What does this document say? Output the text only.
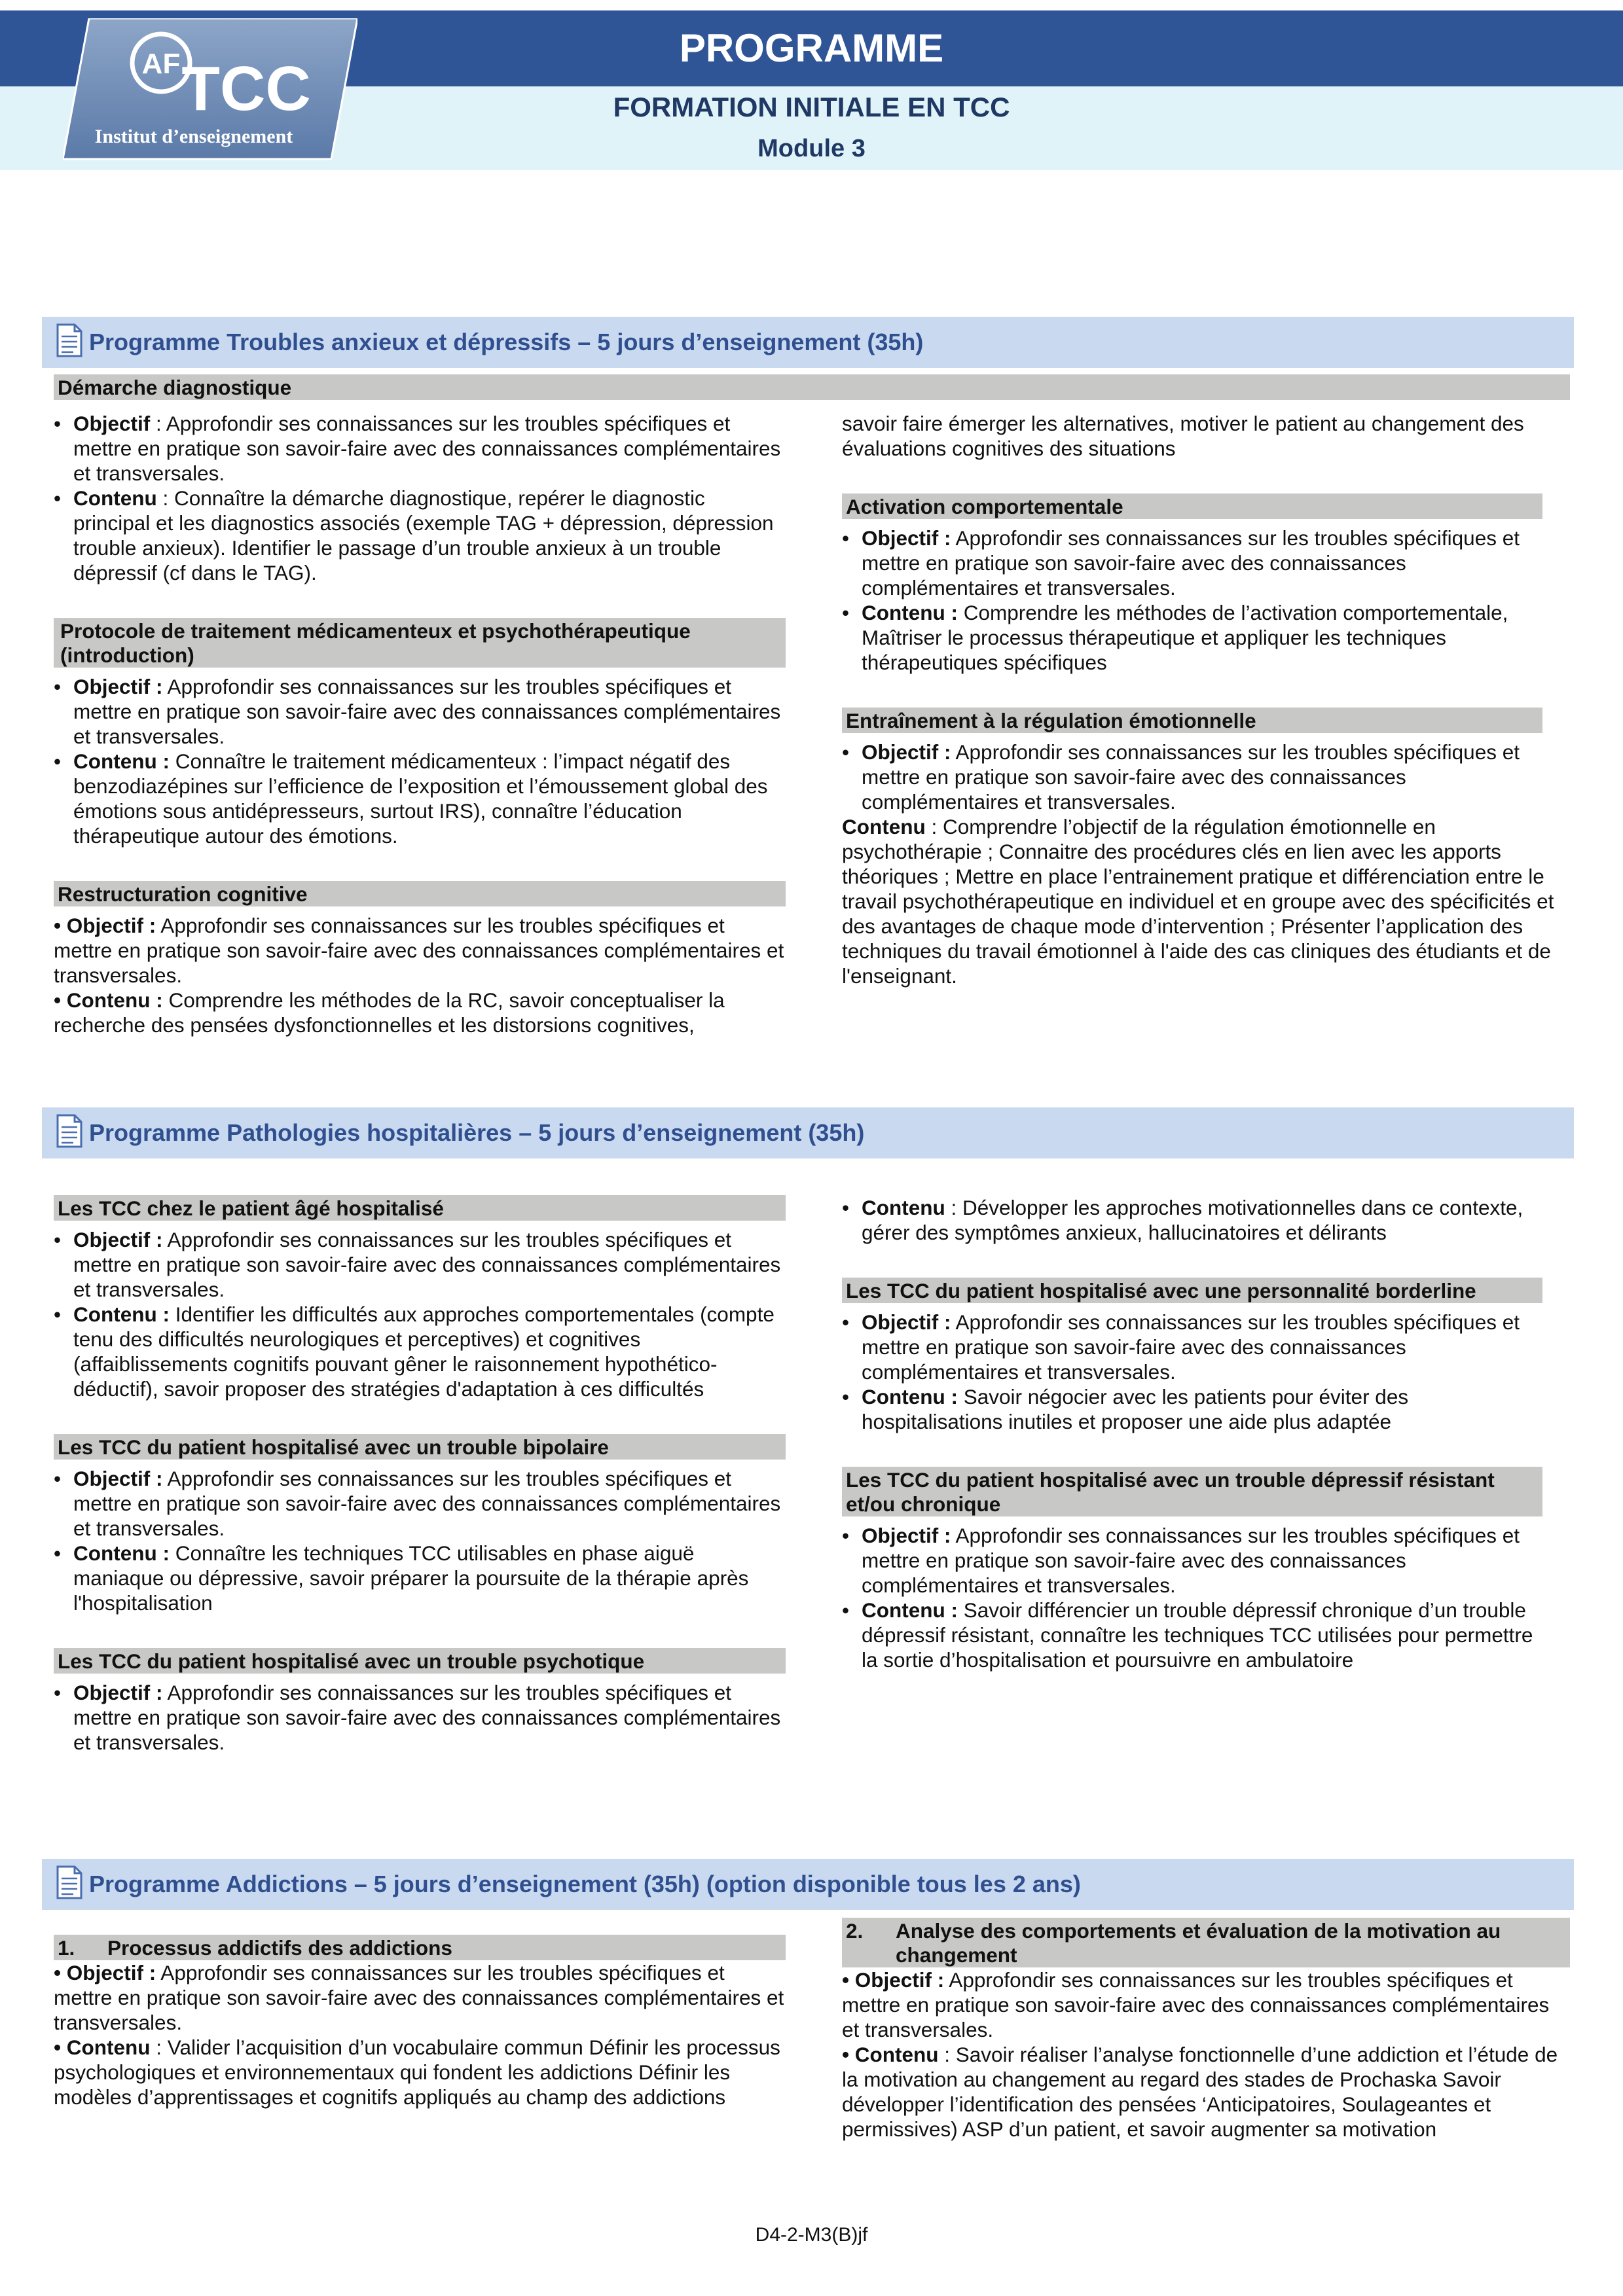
AF TCC
Institut d’enseignement
PROGRAMME
FORMATION INITIALE EN TCC
Module 3
Programme Troubles anxieux et dépressifs – 5 jours d’enseignement (35h)
Démarche diagnostique
• Objectif : Approfondir ses connaissances sur les troubles spécifiques et mettre en pratique son savoir-faire avec des connaissances complémentaires et transversales.
• Contenu : Connaître la démarche diagnostique, repérer le diagnostic principal et les diagnostics associés (exemple TAG + dépression, dépression trouble anxieux). Identifier le passage d’un trouble anxieux à un trouble dépressif (cf dans le TAG).
Protocole de traitement médicamenteux et psychothérapeutique (introduction)
• Objectif : Approfondir ses connaissances sur les troubles spécifiques et mettre en pratique son savoir-faire avec des connaissances complémentaires et transversales.
• Contenu : Connaître le traitement médicamenteux : l’impact négatif des benzodiazépines sur l’efficience de l’exposition et l’émoussement global des émotions sous antidépresseurs, surtout IRS), connaître l’éducation thérapeutique autour des émotions.
Restructuration cognitive

• Objectif : Approfondir ses connaissances sur les troubles spécifiques et mettre en pratique son savoir-faire avec des connaissances complémentaires et transversales.

• Contenu : Comprendre les méthodes de la RC, savoir conceptualiser la recherche des pensées dysfonctionnelles et les distorsions cognitives,

savoir faire émerger les alternatives, motiver le patient au changement des évaluations cognitives des situations

Activation comportementale
• Objectif : Approfondir ses connaissances sur les troubles spécifiques et mettre en pratique son savoir-faire avec des connaissances complémentaires et transversales.
• Contenu : Comprendre les méthodes de l’activation comportementale, Maîtriser le processus thérapeutique et appliquer les techniques thérapeutiques spécifiques
Entraînement à la régulation émotionnelle
• Objectif : Approfondir ses connaissances sur les troubles spécifiques et mettre en pratique son savoir-faire avec des connaissances complémentaires et transversales.

Contenu : Comprendre l’objectif de la régulation émotionnelle en psychothérapie ; Connaitre des procédures clés en lien avec les apports théoriques ; Mettre en place l’entrainement pratique et différenciation entre le travail psychothérapeutique en individuel et en groupe avec des spécificités et des avantages de chaque mode d’intervention ; Présenter l’application des techniques du travail émotionnel à l'aide des cas cliniques des étudiants et de l'enseignant.

Programme Pathologies hospitalières – 5 jours d’enseignement (35h)
Les TCC chez le patient âgé hospitalisé
• Objectif : Approfondir ses connaissances sur les troubles spécifiques et mettre en pratique son savoir-faire avec des connaissances complémentaires et transversales.
• Contenu : Identifier les difficultés aux approches comportementales (compte tenu des difficultés neurologiques et perceptives) et cognitives (affaiblissements cognitifs pouvant gêner le raisonnement hypothético-déductif), savoir proposer des stratégies d'adaptation à ces difficultés
Les TCC du patient hospitalisé avec un trouble bipolaire
• Objectif : Approfondir ses connaissances sur les troubles spécifiques et mettre en pratique son savoir-faire avec des connaissances complémentaires et transversales.
• Contenu : Connaître les techniques TCC utilisables en phase aiguë maniaque ou dépressive, savoir préparer la poursuite de la thérapie après l'hospitalisation
Les TCC du patient hospitalisé avec un trouble psychotique
• Objectif : Approfondir ses connaissances sur les troubles spécifiques et mettre en pratique son savoir-faire avec des connaissances complémentaires et transversales.
• Contenu : Développer les approches motivationnelles dans ce contexte, gérer des symptômes anxieux, hallucinatoires et délirants
Les TCC du patient hospitalisé avec une personnalité borderline
• Objectif : Approfondir ses connaissances sur les troubles spécifiques et mettre en pratique son savoir-faire avec des connaissances complémentaires et transversales.
• Contenu : Savoir négocier avec les patients pour éviter des hospitalisations inutiles et proposer une aide plus adaptée
Les TCC du patient hospitalisé avec un trouble dépressif résistant et/ou chronique
• Objectif : Approfondir ses connaissances sur les troubles spécifiques et mettre en pratique son savoir-faire avec des connaissances complémentaires et transversales.
• Contenu : Savoir différencier un trouble dépressif chronique d’un trouble dépressif résistant, connaître les techniques TCC utilisées pour permettre la sortie d’hospitalisation et poursuivre en ambulatoire
Programme Addictions – 5 jours d’enseignement (35h) (option disponible tous les 2 ans)
1.	Processus addictifs des addictions

• Objectif : Approfondir ses connaissances sur les troubles spécifiques et mettre en pratique son savoir-faire avec des connaissances complémentaires et transversales.

• Contenu : Valider l’acquisition d’un vocabulaire commun Définir les processus psychologiques et environnementaux qui fondent les addictions Définir les modèles d’apprentissages et cognitifs appliqués au champ des addictions

2.	Analyse des comportements et évaluation de la motivation au changement

• Objectif : Approfondir ses connaissances sur les troubles spécifiques et mettre en pratique son savoir-faire avec des connaissances complémentaires et transversales.

• Contenu : Savoir réaliser l’analyse fonctionnelle d’une addiction et l’étude de la motivation au changement au regard des stades de Prochaska Savoir développer l’identification des pensées ‘Anticipatoires, Soulageantes et permissives) ASP d’un patient, et savoir augmenter sa motivation

D4-2-M3(B)jf
